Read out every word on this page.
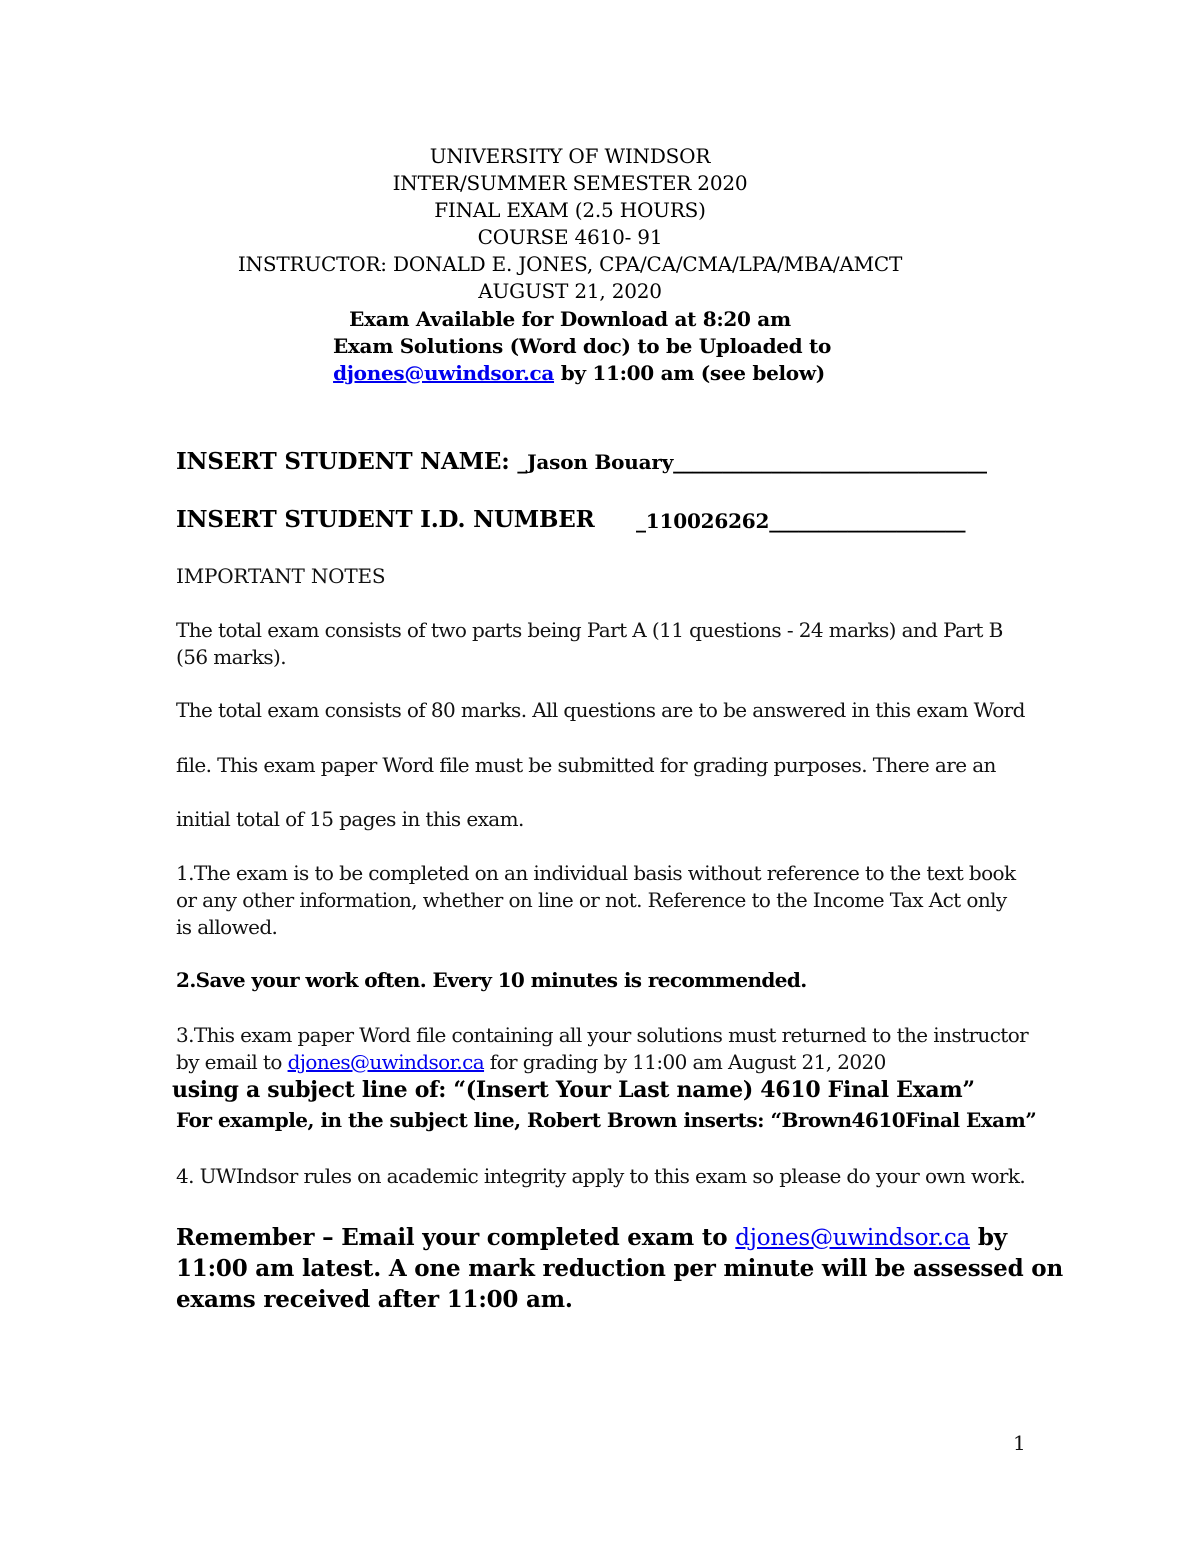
UNIVERSITY OF WINDSOR
INTER/SUMMER SEMESTER 2020
FINAL EXAM (2.5 HOURS)
COURSE 4610- 91
INSTRUCTOR: DONALD E. JONES, CPA/CA/CMA/LPA/MBA/AMCT
AUGUST 21, 2020
Exam Available for Download at 8:20 am
Exam Solutions (Word doc) to be Uploaded to
djones@uwindsor.ca by 11:00 am (see below)
INSERT STUDENT NAME: _Jason Bouary________________________________
INSERT STUDENT I.D. NUMBER _110026262____________________
IMPORTANT NOTES
The total exam consists of two parts being Part A (11 questions - 24 marks) and Part B
(56 marks).
The total exam consists of 80 marks. All questions are to be answered in this exam Word
file. This exam paper Word file must be submitted for grading purposes. There are an
initial total of 15 pages in this exam.
1.The exam is to be completed on an individual basis without reference to the text book
or any other information, whether on line or not. Reference to the Income Tax Act only
is allowed.
2.Save your work often. Every 10 minutes is recommended.
3.This exam paper Word file containing all your solutions must returned to the instructor
by email to djones@uwindsor.ca for grading by 11:00 am August 21, 2020
using a subject line of: “(Insert Your Last name) 4610 Final Exam”
For example, in the subject line, Robert Brown inserts: “Brown4610Final Exam”
4. UWIndsor rules on academic integrity apply to this exam so please do your own work.
Remember – Email your completed exam to djones@uwindsor.ca by
11:00 am latest. A one mark reduction per minute will be assessed on
exams received after 11:00 am.
1
